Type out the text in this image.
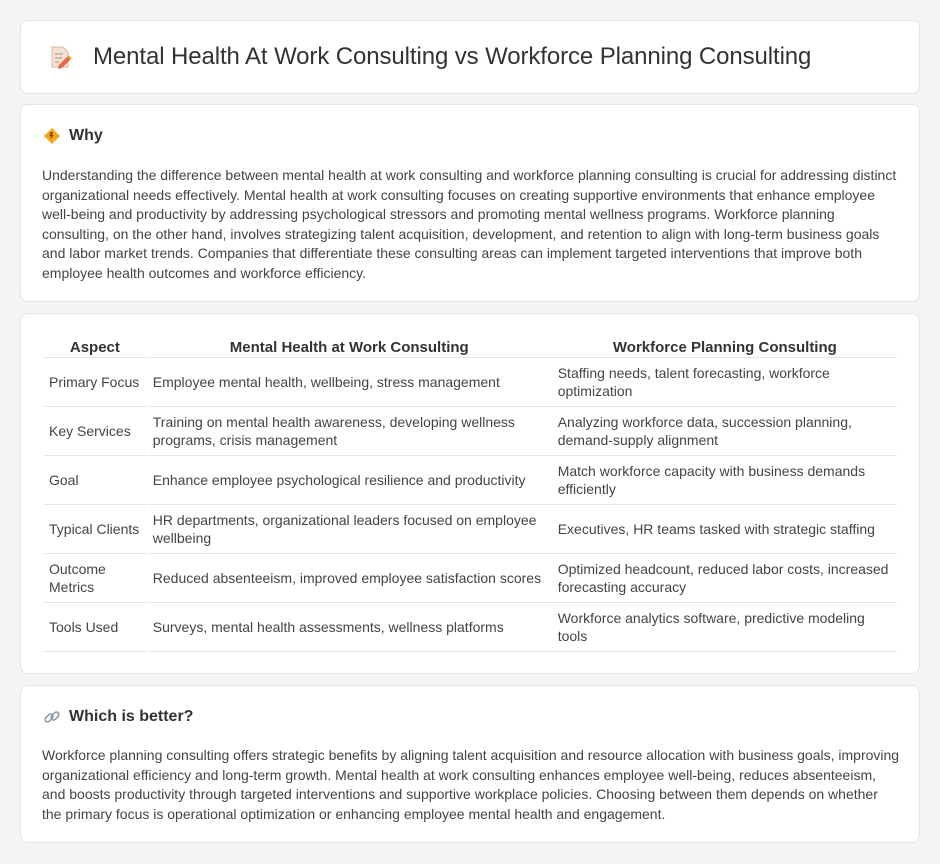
Mental Health At Work Consulting vs Workforce Planning Consulting
Why

Understanding the difference between mental health at work consulting and workforce planning consulting is crucial for addressing distinct organizational needs effectively. Mental health at work consulting focuses on creating supportive environments that enhance employee well-being and productivity by addressing psychological stressors and promoting mental wellness programs. Workforce planning consulting, on the other hand, involves strategizing talent acquisition, development, and retention to align with long-term business goals and labor market trends. Companies that differentiate these consulting areas can implement targeted interventions that improve both employee health outcomes and workforce efficiency.

Aspect	Mental Health at Work Consulting	Workforce Planning Consulting
Primary Focus	Employee mental health, wellbeing, stress management	Staffing needs, talent forecasting, workforce optimization
Key Services	Training on mental health awareness, developing wellness programs, crisis management	Analyzing workforce data, succession planning, demand-supply alignment
Goal	Enhance employee psychological resilience and productivity	Match workforce capacity with business demands efficiently
Typical Clients	HR departments, organizational leaders focused on employee wellbeing	Executives, HR teams tasked with strategic staffing
Outcome Metrics	Reduced absenteeism, improved employee satisfaction scores	Optimized headcount, reduced labor costs, increased forecasting accuracy
Tools Used	Surveys, mental health assessments, wellness platforms	Workforce analytics software, predictive modeling tools
Which is better?

Workforce planning consulting offers strategic benefits by aligning talent acquisition and resource allocation with business goals, improving organizational efficiency and long-term growth. Mental health at work consulting enhances employee well-being, reduces absenteeism, and boosts productivity through targeted interventions and supportive workplace policies. Choosing between them depends on whether the primary focus is operational optimization or enhancing employee mental health and engagement.
